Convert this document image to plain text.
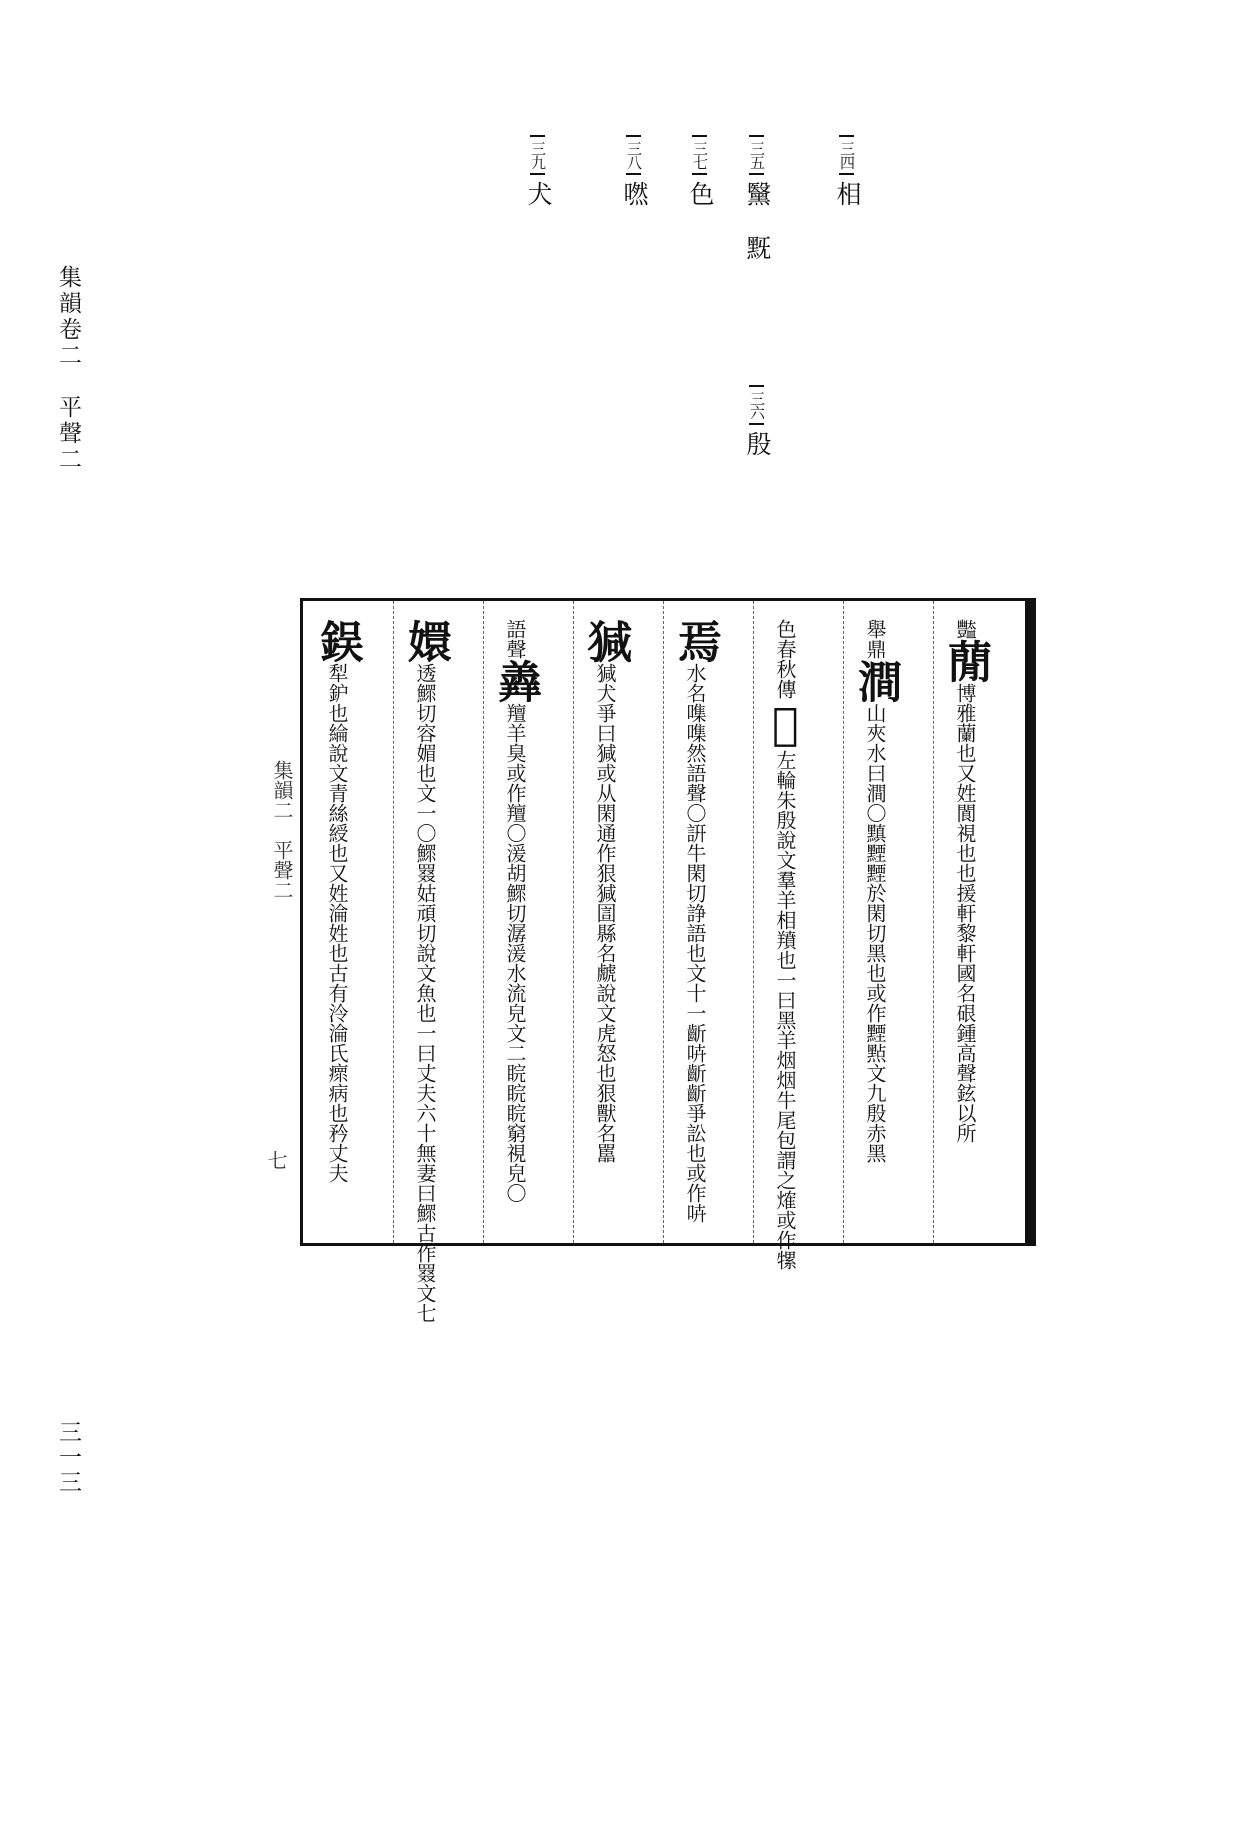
集韻卷二　平聲二
三一三
三四相
三五黳 黖
三六殷
三七色
三八嘫
三九犬
集韻二　平聲二
七
豓蕑博雅蘭也又姓閬視也也援軒黎軒國名硍鍾高聲鉉以所
舉鼎澗山夾水曰澗〇黰黫黫於閑切黑也或作黫㸃文九殷赤黑
色春秋傳𦏁左輪朱殷說文羣羊相羵也一曰黑羊烟烟牛尾包謂之𤌍或作㹎
焉水名㗱㗱然語聲〇詽牛閑切諍語也文十一齗𠱥齗齗爭訟也或作𠱥
㺂㺂犬爭曰㺂或从閑通作狠㺂圁縣名虤說文虎怒也狠獸名嚚
語聲羴羶羊臭或作羶〇湲胡鰥切潺湲水流皃文二睆睆睆窮視皃〇
嬛透鰥切容媚也文一〇鰥罬姑頑切說文魚也一曰丈夫六十無妻曰鰥古作罬文七
鋘犁鈩也綸說文青絲綬也又姓淪姓也古有泠淪氏瘝病也矜丈夫
